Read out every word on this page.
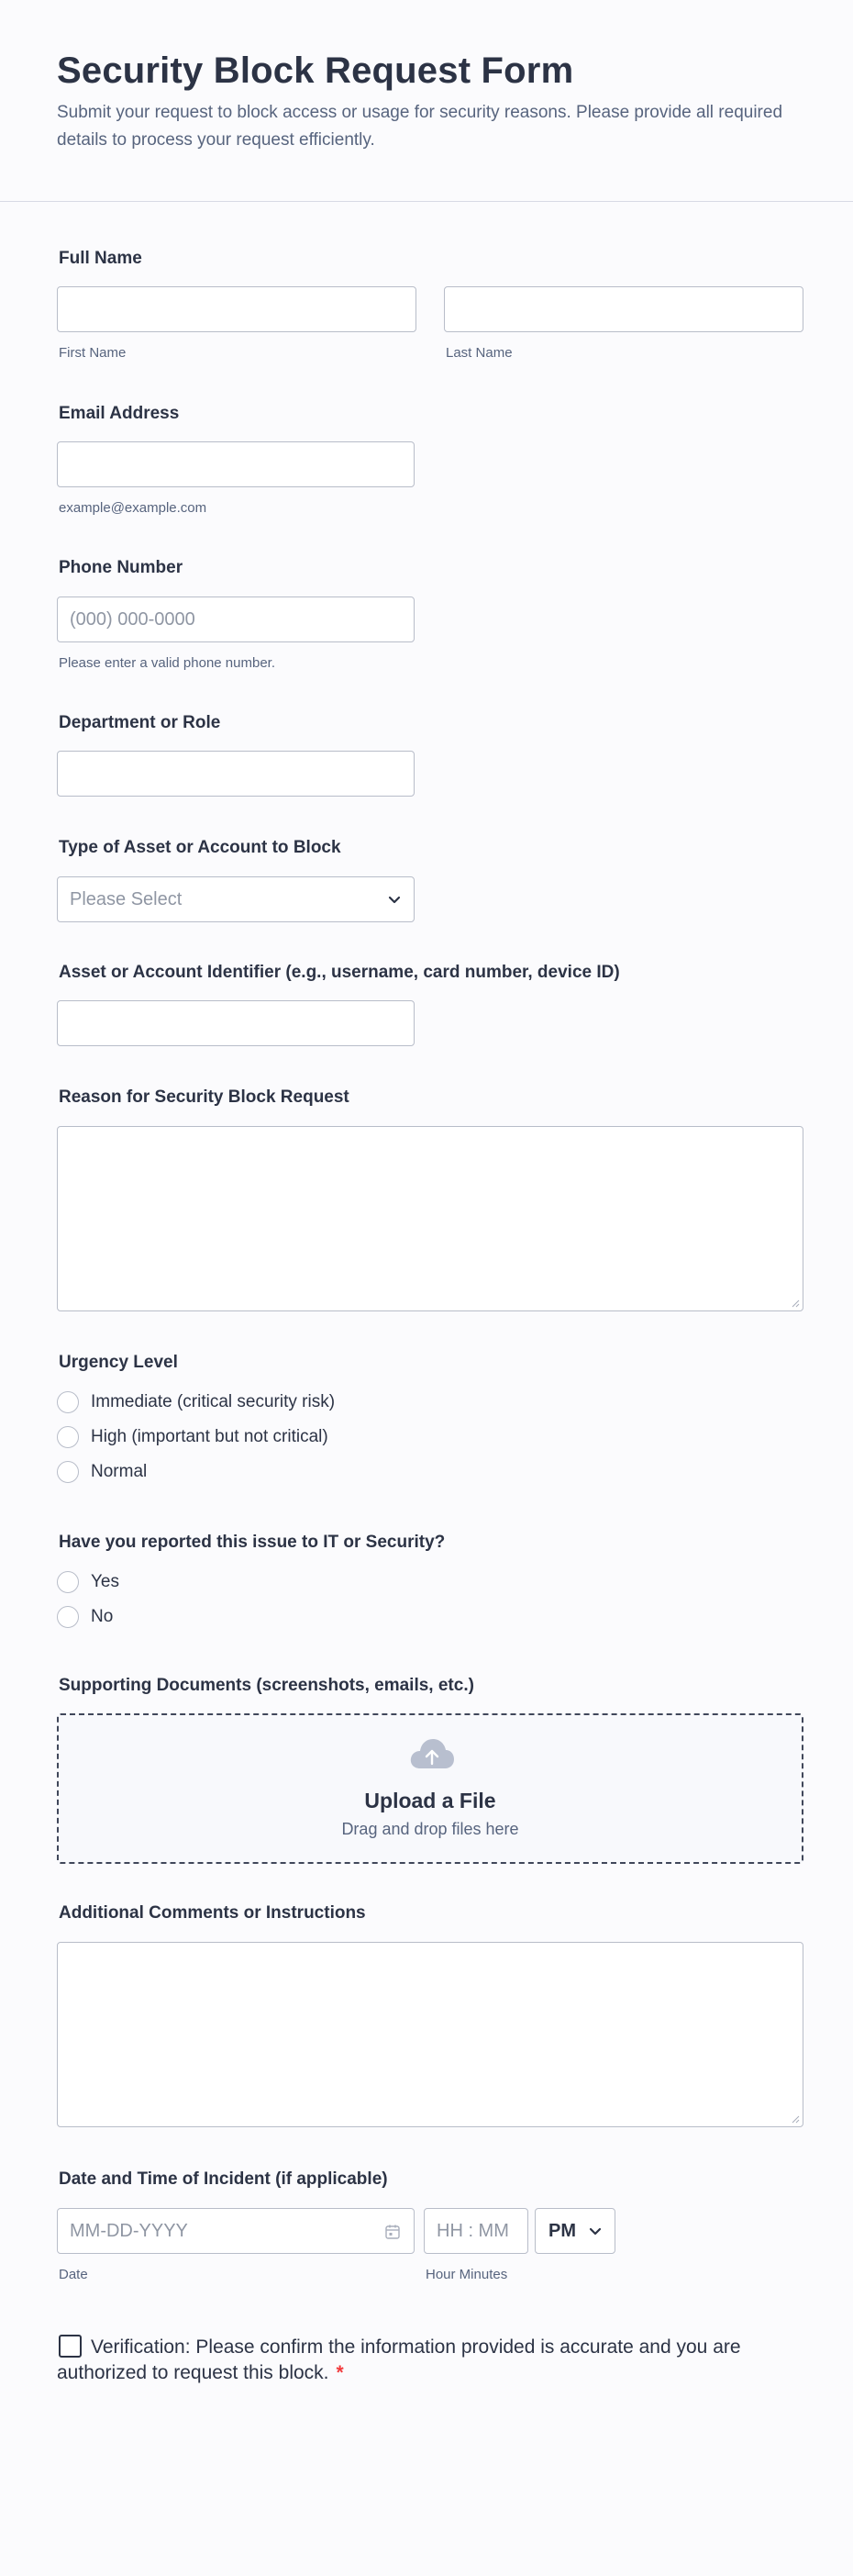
Security Block Request Form

Submit your request to block access or usage for security reasons. Please provide all required details to process your request efficiently.

Full Name
First Name	Last Name
Email Address
example@example.com
Phone Number
(000) 000-0000
Please enter a valid phone number.
Department or Role
Type of Asset or Account to Block
Please Select
Asset or Account Identifier (e.g., username, card number, device ID)
Reason for Security Block Request
Urgency Level
Immediate (critical security risk)
High (important but not critical)
Normal
Have you reported this issue to IT or Security?
Yes
No
Supporting Documents (screenshots, emails, etc.)
Upload a File
Drag and drop files here
Additional Comments or Instructions
Date and Time of Incident (if applicable)
MM-DD-YYYY	HH : MM	PM
Date	Hour Minutes
Verification: Please confirm the information provided is accurate and you are authorized to request this block. *
